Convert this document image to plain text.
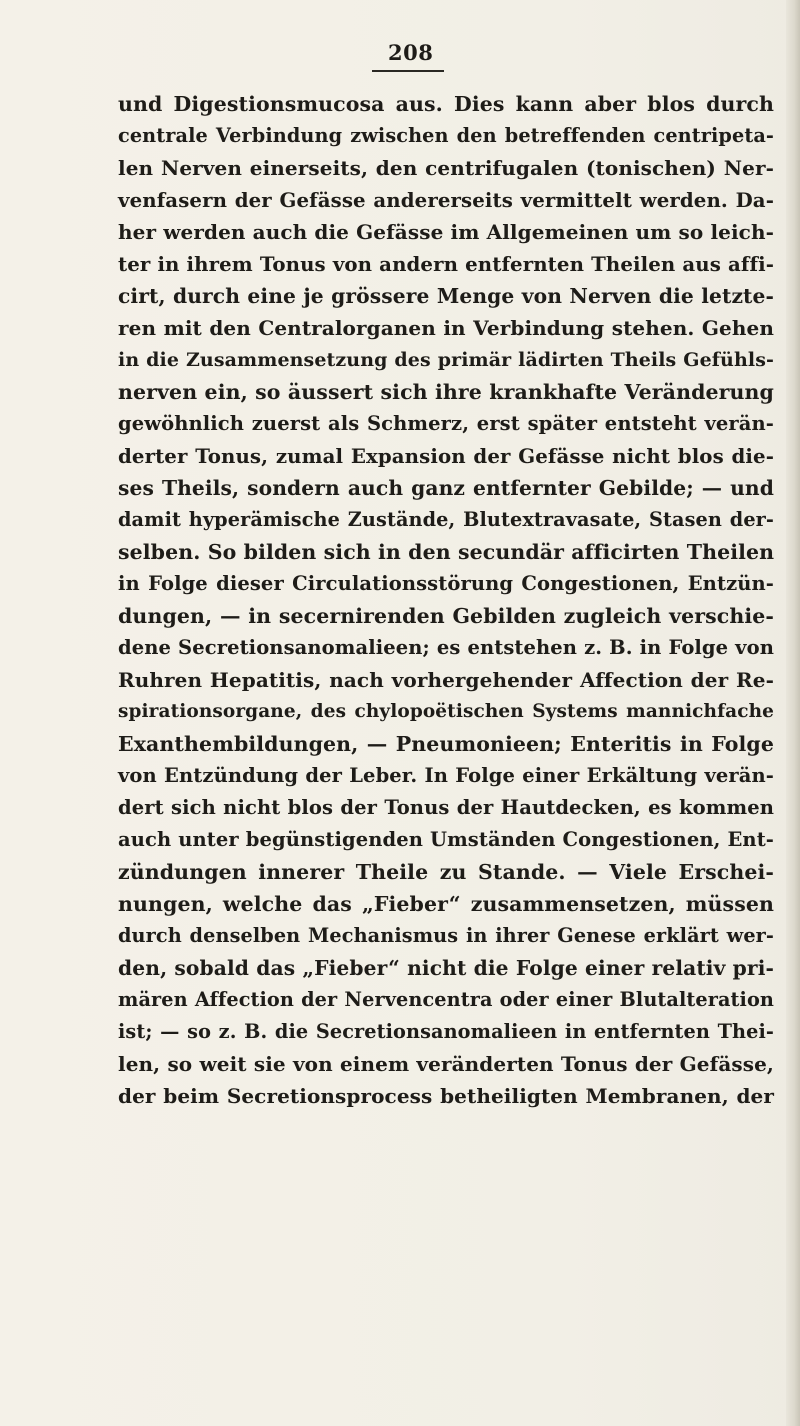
208
und Digestionsmucosa aus. Dies kann aber blos durch
centrale Verbindung zwischen den betreffenden centripeta-
len Nerven einerseits, den centrifugalen (tonischen) Ner-
venfasern der Gefässe andererseits vermittelt werden. Da-
her werden auch die Gefässe im Allgemeinen um so leich-
ter in ihrem Tonus von andern entfernten Theilen aus affi-
cirt, durch eine je grössere Menge von Nerven die letzte-
ren mit den Centralorganen in Verbindung stehen. Gehen
in die Zusammensetzung des primär lädirten Theils Gefühls-
nerven ein, so äussert sich ihre krankhafte Veränderung
gewöhnlich zuerst als Schmerz, erst später entsteht verän-
derter Tonus, zumal Expansion der Gefässe nicht blos die-
ses Theils, sondern auch ganz entfernter Gebilde; — und
damit hyperämische Zustände, Blutextravasate, Stasen der-
selben. So bilden sich in den secundär afficirten Theilen
in Folge dieser Circulationsstörung Congestionen, Entzün-
dungen, — in secernirenden Gebilden zugleich verschie-
dene Secretionsanomalieen; es entstehen z. B. in Folge von
Ruhren Hepatitis, nach vorhergehender Affection der Re-
spirationsorgane, des chylopoëtischen Systems mannichfache
Exanthembildungen, — Pneumonieen; Enteritis in Folge
von Entzündung der Leber. In Folge einer Erkältung verän-
dert sich nicht blos der Tonus der Hautdecken, es kommen
auch unter begünstigenden Umständen Congestionen, Ent-
zündungen innerer Theile zu Stande. — Viele Erschei-
nungen, welche das „Fieber“ zusammensetzen, müssen
durch denselben Mechanismus in ihrer Genese erklärt wer-
den, sobald das „Fieber“ nicht die Folge einer relativ pri-
mären Affection der Nervencentra oder einer Blutalteration
ist; — so z. B. die Secretionsanomalieen in entfernten Thei-
len, so weit sie von einem veränderten Tonus der Gefässe,
der beim Secretionsprocess betheiligten Membranen, der
